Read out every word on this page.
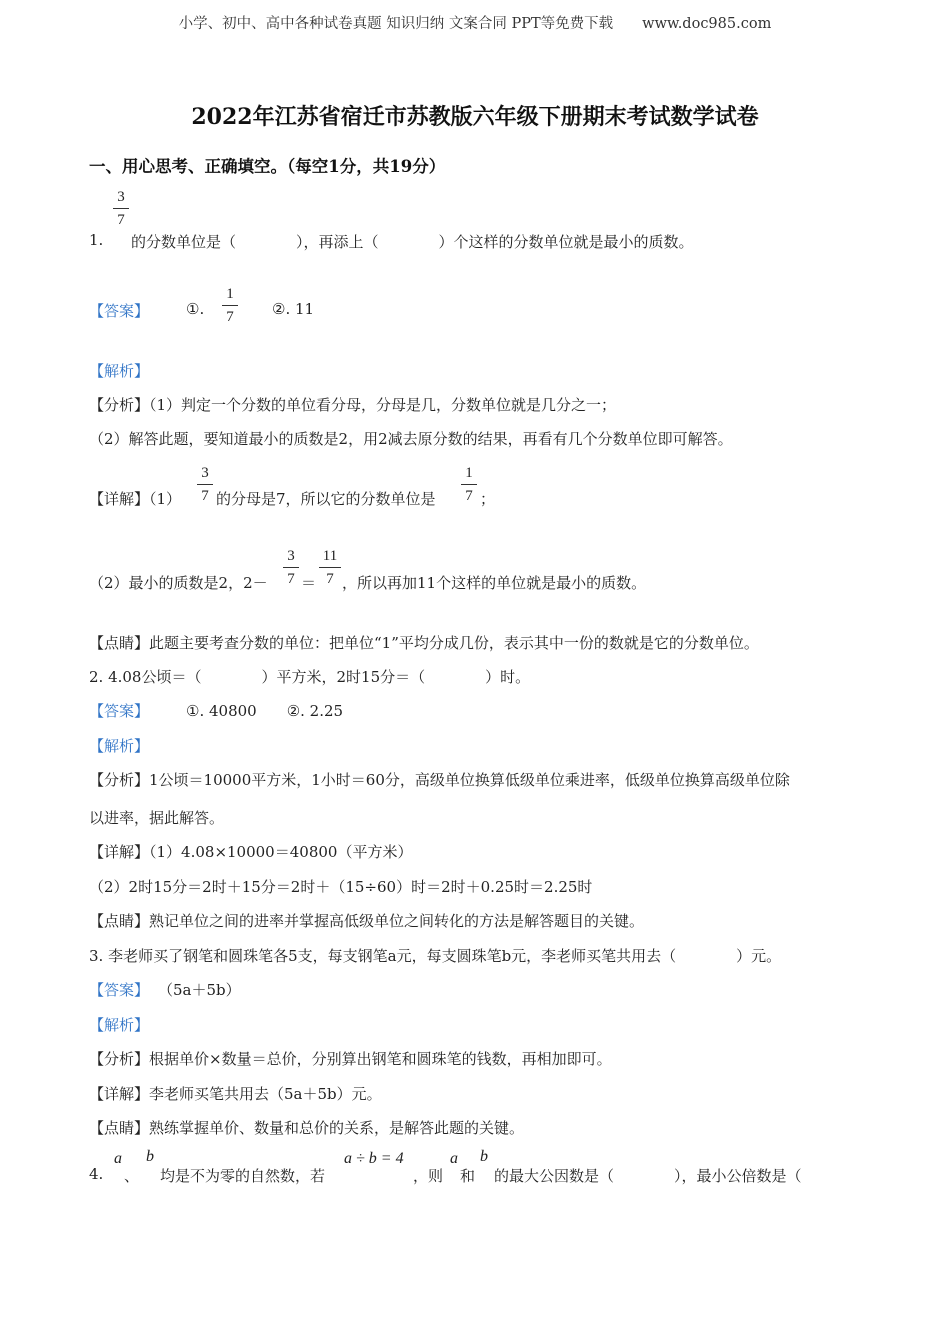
小学、初中、高中各种试卷真题 知识归纳 文案合同 PPT等免费下载　　www.doc985.com
2022年江苏省宿迁市苏教版六年级下册期末考试数学试卷
一、用心思考、正确填空。（每空1分，共19分）
3
7
1. 的分数单位是（　　　　），再添上（　　　　）个这样的分数单位就是最小的质数。
【答案】 ①.
1
7	②. 11
【解析】
【分析】（1）判定一个分数的单位看分母，分母是几，分数单位就是几分之一；
（2）解答此题，要知道最小的质数是2，用2减去原分数的结果，再看有几个分数单位即可解答。
【详解】（1）
3
7 的分母是7，所以它的分数单位是
1
7 ；
（2）最小的质数是2，2－
3
7 ＝
11
7 ，所以再加11个这样的单位就是最小的质数。
【点睛】此题主要考查分数的单位：把单位“1”平均分成几份，表示其中一份的数就是它的分数单位。
2. 4.08公顷＝（　　　　）平方米，2时15分＝（　　　　）时。
【答案】 ①. 40800　　②. 2.25
【解析】
【分析】1公顷＝10000平方米，1小时＝60分，高级单位换算低级单位乘进率，低级单位换算高级单位除
以进率，据此解答。
【详解】（1）4.08×10000＝40800（平方米）
（2）2时15分＝2时＋15分＝2时＋（15÷60）时＝2时＋0.25时＝2.25时
【点睛】熟记单位之间的进率并掌握高低级单位之间转化的方法是解答题目的关键。
3. 李老师买了钢笔和圆珠笔各5支，每支钢笔a元，每支圆珠笔b元，李老师买笔共用去（　　　　）元。
【答案】 （5a＋5b）
【解析】
【分析】根据单价×数量＝总价，分别算出钢笔和圆珠笔的钱数，再相加即可。
【详解】李老师买笔共用去（5a＋5b）元。
【点睛】熟练掌握单价、数量和总价的关系，是解答此题的关键。
4.
a
、
b
均是不为零的自然数，若
a ÷ b = 4
，则
a
和
b
的最大公因数是（　　　　），最小公倍数是（
